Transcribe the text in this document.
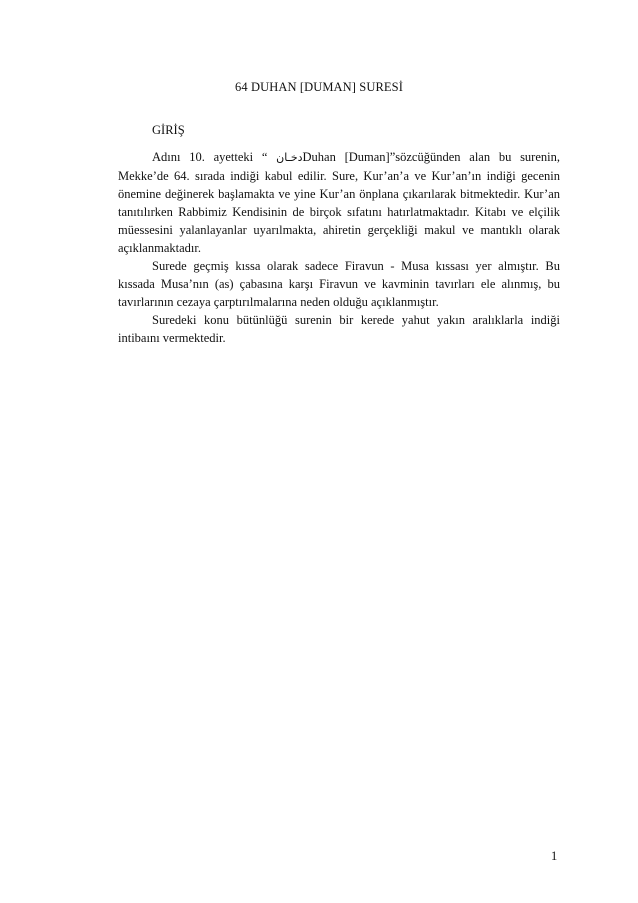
64 DUHAN [DUMAN] SURESİ
GİRİŞ

Adını 10. ayetteki “ دخـانDuhan [Duman]”sözcüğünden alan bu surenin, Mekke’de 64. sırada indiği kabul edilir. Sure, Kur’an’a ve Kur’an’ın indiği gecenin önemine değinerek başlamakta ve yine Kur’an önplana çıkarılarak bitmektedir. Kur’an tanıtılırken Rabbimiz Kendisinin de birçok sıfatını hatırlatmaktadır. Kitabı ve elçilik müessesini yalanlayanlar uyarılmakta, ahiretin gerçekliği makul ve mantıklı olarak açıklanmaktadır.

Surede geçmiş kıssa olarak sadece Firavun - Musa kıssası yer almıştır. Bu kıssada Musa’nın (as) çabasına karşı Firavun ve kavminin tavırları ele alınmış, bu tavırlarının cezaya çarptırılmalarına neden olduğu açıklanmıştır.

Suredeki konu bütünlüğü surenin bir kerede yahut yakın aralıklarla indiği intibaını vermektedir.

1
